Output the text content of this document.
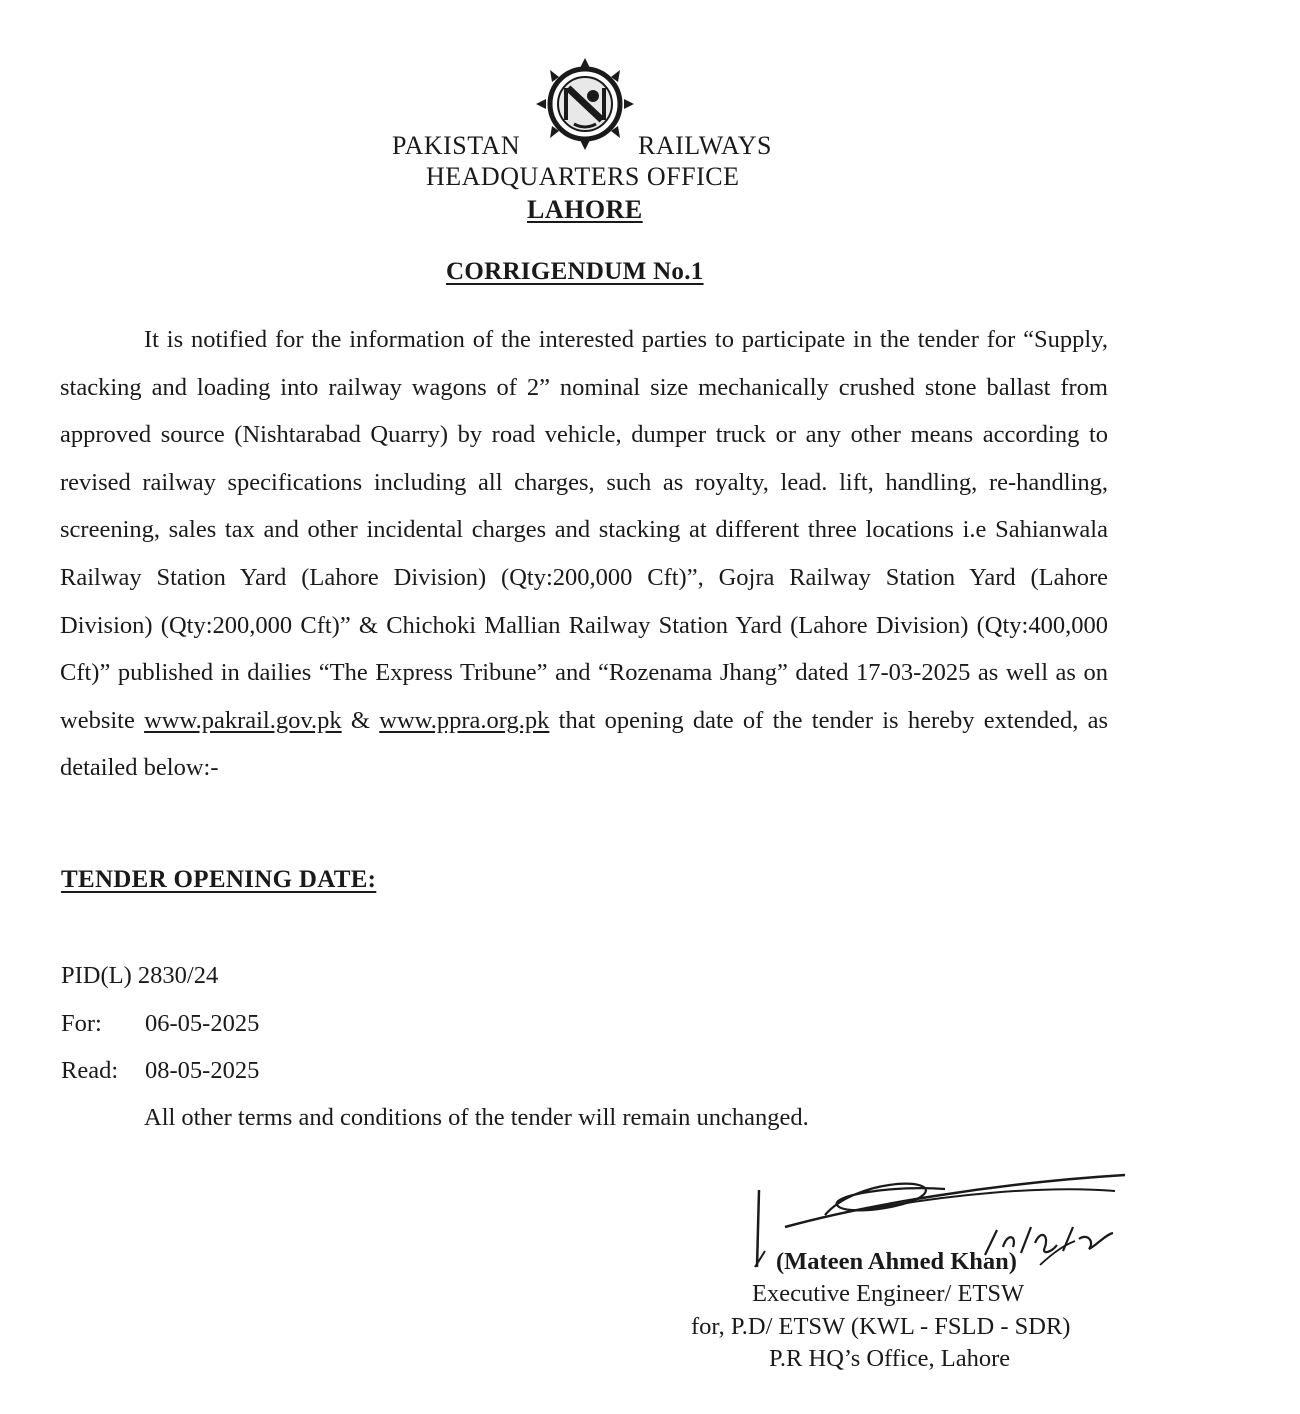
PAKISTAN	RAILWAYS
HEADQUARTERS OFFICE
LAHORE
CORRIGENDUM No.1
It is notified for the information of the interested parties to participate in the tender for “Supply, stacking and loading into railway wagons of 2” nominal size mechanically crushed stone ballast from approved source (Nishtarabad Quarry) by road vehicle, dumper truck or any other means according to revised railway specifications including all charges, such as royalty, lead. lift, handling, re-handling, screening, sales tax and other incidental charges and stacking at different three locations i.e Sahianwala Railway Station Yard (Lahore Division) (Qty:200,000 Cft)”, Gojra Railway Station Yard (Lahore Division) (Qty:200,000 Cft)” & Chichoki Mallian Railway Station Yard (Lahore Division) (Qty:400,000 Cft)” published in dailies “The Express Tribune” and “Rozenama Jhang” dated 17-03-2025 as well as on website www.pakrail.gov.pk & www.ppra.org.pk that opening date of the tender is hereby extended, as detailed below:-
TENDER OPENING DATE:
PID(L) 2830/24
For: 06-05-2025
Read: 08-05-2025
All other terms and conditions of the tender will remain unchanged.
(Mateen Ahmed Khan)
Executive Engineer/ ETSW
for, P.D/ ETSW (KWL - FSLD - SDR)
P.R HQ’s Office, Lahore
